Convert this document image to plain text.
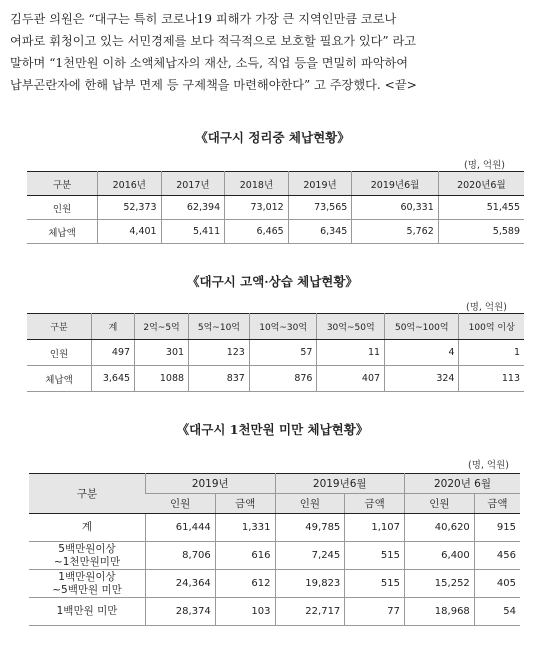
김두관 의원은 “대구는 특히 코로나19 피해가 가장 큰 지역인만큼 코로나
여파로 휘청이고 있는 서민경제를 보다 적극적으로 보호할 필요가 있다” 라고
말하며 “1천만원 이하 소액체납자의 재산, 소득, 직업 등을 면밀히 파악하여
납부곤란자에 한해 납부 면제 등 구제책을 마련해야한다” 고 주장했다. <끝>
《대구시 정리중 체납현황》
(명, 억원)
구분	2016년	2017년	2018년	2019년	2019년6월	2020년6월
인원	52,373	62,394	73,012	73,565	60,331	51,455
체납액	4,401	5,411	6,465	6,345	5,762	5,589
《대구시 고액·상습 체납현황》
(명, 억원)
구분	계	2억~5억	5억~10억	10억~30억	30억~50억	50억~100억	100억 이상
인원	497	301	123	57	11	4	1
체납액	3,645	1088	837	876	407	324	113
《대구시 1천만원 미만 체납현황》
(명, 억원)
구분	2019년		2019년6월		2020년 6월	
	인원	금액	인원	금액	인원	금액

계	61,444	1,331	49,785	1,107	40,620	915

5백만원이상
~1천만원미만	8,706	616	7,245	515	6,400	456

1백만원이상
~5백만원 미만	24,364	612	19,823	515	15,252	405

1백만원 미만	28,374	103	22,717	77	18,968	54
